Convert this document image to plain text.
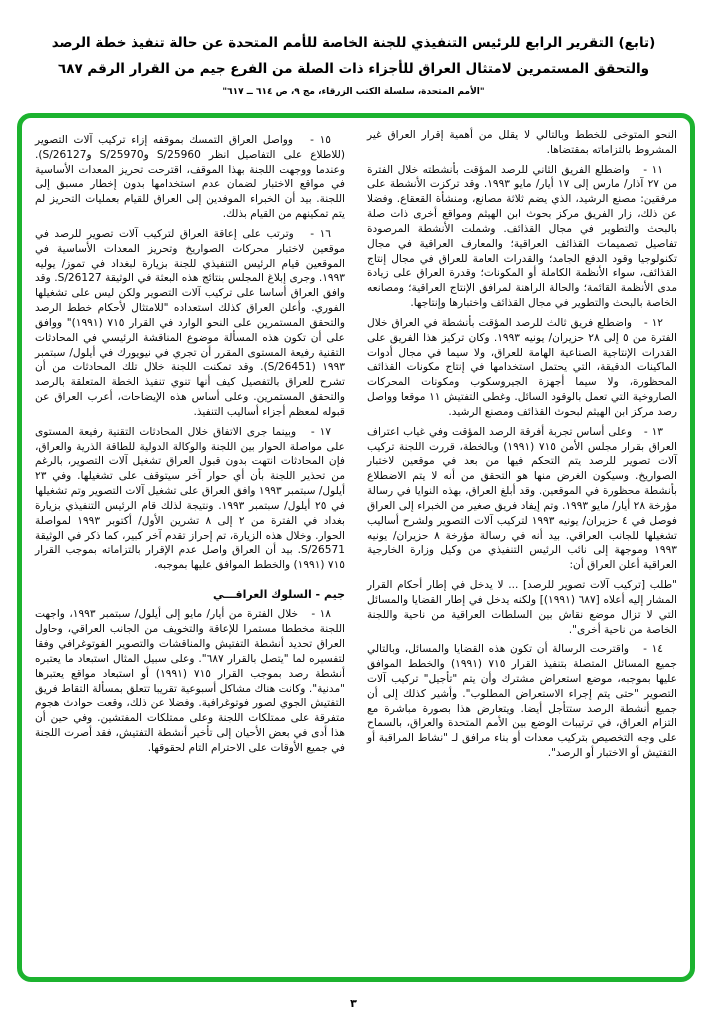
(تابع) التقرير الرابع للرئيس التنفيذي للجنة الخاصة للأمم المتحدة عن حالة تنفيذ خطة الرصد
والتحقق المستمرين لامتثال العراق للأجزاء ذات الصلة من الفرع جيم من القرار الرقم ٦٨٧
"الأمم المتحدة، سلسلة الكتب الزرقاء، مج ٩، ص ٦١٤ ــ ٦١٧"

النحو المتوخى للخطط وبالتالي لا يقلل من أهمية إقرار العراق غير المشروط بالتزاماته بمقتضاها.

١١ -   واضطلع الفريق الثاني للرصد المؤقت بأنشطته خلال الفترة من ٢٧ آذار/ مارس إلى ١٧ أيار/ مايو ١٩٩٣. وقد تركزت الأنشطة على مرفقين: مصنع الرشيد، الذي يضم ثلاثة مصانع، ومنشأة القعقاع. وفضلا عن ذلك، زار الفريق مركز بحوث ابن الهيثم ومواقع أخرى ذات صلة بالبحث والتطوير في مجال القذائف. وشملت الأنشطة المرصودة تفاصيل تصميمات القذائف العراقية؛ والمعارف العراقية في مجال تكنولوجيا وقود الدفع الجامد؛ والقدرات العامة للعراق في مجال إنتاج القذائف، سواء الأنظمة الكاملة أو المكونات؛ وقدرة العراق على زيادة مدى الأنظمة القائمة؛ والحالة الراهنة لمرافق الإنتاج العراقية؛ ومصانعه الخاصة بالبحث والتطوير في مجال القذائف واختبارها وإنتاجها.

١٢ -   واضطلع فريق ثالث للرصد المؤقت بأنشطة في العراق خلال الفترة من ٥ إلى ٢٨ حزيران/ يونيه ١٩٩٣. وكان تركيز هذا الفريق على القدرات الإنتاجية الصناعية الهامة للعراق، ولا سيما في مجال أدوات الماكينات الدقيقة، التي يحتمل استخدامها في إنتاج مكونات القذائف المحظورة، ولا سيما أجهزة الجيروسكوب ومكونات المحركات الصاروخية التي تعمل بالوقود السائل. وغطى التفتيش ١١ موقعا وواصل رصد مركز ابن الهيثم لبحوث القذائف ومصنع الرشيد.

١٣ -   وعلى أساس تجربة أفرقة الرصد المؤقت وفي غياب اعتراف العراق بقرار مجلس الأمن ٧١٥ (١٩٩١) وبالخطة، قررت اللجنة تركيب آلات تصوير للرصد يتم التحكم فيها من بعد في موقعين لاختبار الصواريخ. وسيكون الغرض منها هو التحقق من أنه لا يتم الاضطلاع بأنشطة محظورة في الموقعين. وقد أبلغ العراق، بهذه النوايا في رسالة مؤرخة ٢٨ أيار/ مايو ١٩٩٣. وتم إيفاد فريق صغير من الخبراء إلى العراق فوصل في ٤ حزيران/ يونيه ١٩٩٣ لتركيب آلات التصوير ولشرح أساليب تشغيلها للجانب العراقي. بيد أنه في رسالة مؤرخة ٨ حزيران/ يونيه ١٩٩٣ وموجهة إلى نائب الرئيس التنفيذي من وكيل وزارة الخارجية العراقية أعلن العراق أن:

"طلب [تركيب آلات تصوير للرصد] ... لا يدخل في إطار أحكام القرار المشار إليه أعلاه [٦٨٧ (١٩٩١)] ولكنه يدخل في إطار القضايا والمسائل التي لا تزال موضع نقاش بين السلطات العراقية من ناحية واللجنة الخاصة من ناحية أخرى".

١٤ -   واقترحت الرسالة أن تكون هذه القضايا والمسائل، وبالتالي جميع المسائل المتصلة بتنفيذ القرار ٧١٥ (١٩٩١) والخطط الموافق عليها بموجبه، موضع استعراض مشترك وأن يتم "تأجيل" تركيب آلات التصوير "حتى يتم إجراء الاستعراض المطلوب". وأشير كذلك إلى أن جميع أنشطة الرصد ستتأجل أيضا. ويتعارض هذا بصورة مباشرة مع التزام العراق، في ترتيبات الوضع بين الأمم المتحدة والعراق، بالسماح على وجه التخصيص بتركيب معدات أو بناء مرافق لـ "نشاط المراقبة أو التفتيش أو الاختبار أو الرصد".

١٥ -   وواصل العراق التمسك بموقفه إزاء تركيب آلات التصوير (للاطلاع على التفاصيل انظر S/25960 وS/25970 وS/26127). وعندما ووجهت اللجنة بهذا الموقف، اقترحت تحريز المعدات الأساسية في مواقع الاختبار لضمان عدم استخدامها بدون إخطار مسبق إلى اللجنة. بيد أن الخبراء الموفدين إلى العراق للقيام بعمليات التحريز لم يتم تمكينهم من القيام بذلك.

١٦ -   وترتب على إعاقة العراق لتركيب آلات تصوير للرصد في موقعين لاختبار محركات الصواريخ وتحريز المعدات الأساسية في الموقعين قيام الرئيس التنفيذي للجنة بزيارة لبغداد في تموز/ يوليه ١٩٩٣. وجرى إبلاغ المجلس بنتائج هذه البعثة في الوثيقة S/26127. وقد وافق العراق أساسا على تركيب آلات التصوير ولكن ليس على تشغيلها الفوري. وأعلن العراق كذلك استعداده "للامتثال لأحكام خطط الرصد والتحقق المستمرين على النحو الوارد في القرار ٧١٥ (١٩٩١)" ووافق على أن تكون هذه المسألة موضوع المناقشة الرئيسي في المحادثات التقنية رفيعة المستوى المقرر أن تجري في نيويورك في أيلول/ سبتمبر ١٩٩٣ (S/26451). وقد تمكنت اللجنة خلال تلك المحادثات من أن تشرح للعراق بالتفصيل كيف أنها تنوي تنفيذ الخطة المتعلقة بالرصد والتحقق المستمرين. وعلى أساس هذه الإيضاحات، أعرب العراق عن قبوله لمعظم أجزاء أساليب التنفيذ.

١٧ -   وبينما جرى الاتفاق خلال المحادثات التقنية رفيعة المستوى على مواصلة الحوار بين اللجنة والوكالة الدولية للطاقة الذرية والعراق، فإن المحادثات انتهت بدون قبول العراق تشغيل آلات التصوير، بالرغم من تحذير اللجنة بأن أي حوار آخر سيتوقف على تشغيلها. وفي ٢٣ أيلول/ سبتمبر ١٩٩٣ وافق العراق على تشغيل آلات التصوير وتم تشغيلها في ٢٥ أيلول/ سبتمبر ١٩٩٣. ونتيجة لذلك قام الرئيس التنفيذي بزيارة بغداد في الفترة من ٢ إلى ٨ تشرين الأول/ أكتوبر ١٩٩٣ لمواصلة الحوار. وخلال هذه الزيارة، تم إحراز تقدم آخر كبير، كما ذكر في الوثيقة S/26571. بيد أن العراق واصل عدم الإقرار بالتزاماته بموجب القرار ٧١٥ (١٩٩١) والخطط الموافق عليها بموجبه.

جيم - السلوك العراقـــي

١٨ -   خلال الفترة من أيار/ مايو إلى أيلول/ سبتمبر ١٩٩٣، واجهت اللجنة مخططا مستمرا للإعاقة والتخويف من الجانب العراقي، وحاول العراق تحديد أنشطة التفتيش والمناقشات والتصوير الفوتوغرافي وفقا لتفسيره لما "يتصل بالقرار ٦٨٧". وعلى سبيل المثال استبعاد ما يعتبره أنشطة رصد بموجب القرار ٧١٥ (١٩٩١) أو استبعاد مواقع يعتبرها "مدنية". وكانت هناك مشاكل أسبوعية تقريبا تتعلق بمسألة التقاط فريق التفتيش الجوي لصور فوتوغرافية. وفضلا عن ذلك، وقعت حوادث هجوم متفرقة على ممتلكات اللجنة وعلى ممتلكات المفتشين. وفي حين أن هذا أدى في بعض الأحيان إلى تأخير أنشطة التفتيش، فقد أصرت اللجنة في جميع الأوقات على الاحترام التام لحقوقها.

٣
